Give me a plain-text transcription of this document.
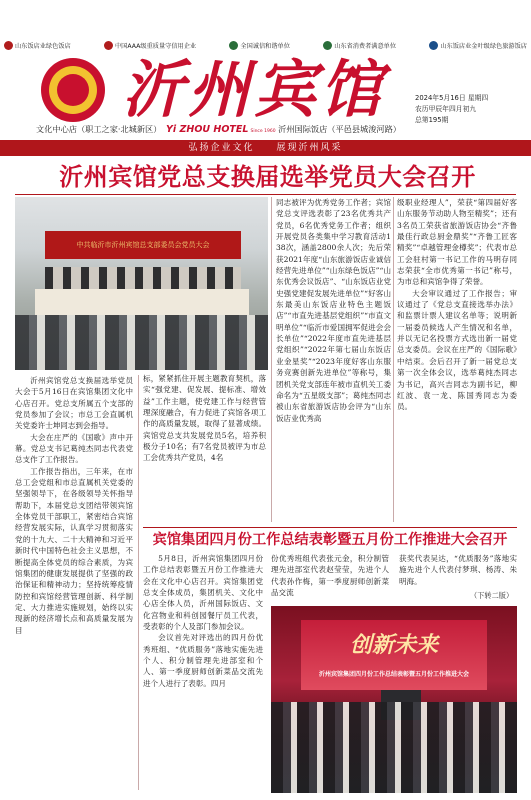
山东饭店业绿色饭店	中国AAA级重质量守信用企业	全国诚信和谐单位	山东省消费者满意单位	山东饭店业金叶级绿色旅游饭店
沂州宾馆	2024年5月16日 星期四
农历甲辰年四月初九
总第195期
文化中心店（职工之家·北城新区） Yi ZHOU HOTEL Since 1960 沂州国际饭店（平邑县城浚河路）
弘扬企业文化　　展现沂州风采
沂州宾馆党总支换届选举党员大会召开
中共临沂市沂州宾馆总支部委员会党员大会

沂州宾馆党总支换届选举党员大会于5月16日在宾馆集团文化中心店召开。党总支所属五个支部的党员参加了会议；市总工会直属机关党委许士坤同志到会指导。

大会在庄严的《国歌》声中开幕。党总支书记葛纯杰同志代表党总支作了工作报告。

工作报告指出，三年来，在市总工会党组和市总直属机关党委的坚强领导下，在各级领导关怀指导帮助下，本届党总支团结带领宾馆全体党员干部职工，紧密结合宾馆经营发展实际，认真学习贯彻落实党的十九大、二十大精神和习近平新时代中国特色社会主义思想，不断提高全体党员的综合素质，为宾馆集团的健康发展提供了坚强的政治保证和精神动力；坚持统筹疫情防控和宾馆经营管理创新、科学制定、大力推进实施规划，始终以实现新的经济增长点和高质量发展为目

标，紧紧抓住开展主题教育契机，落实“强党建、促发展、提标准、增效益”工作主题，使党建工作与经营管理深度融合，有力促进了宾馆各项工作的高质量发展，取得了显著成绩。宾馆党总支共发展党员5名，培养积极分子10名；有7名党员被评为市总工会优秀共产党员，4名
同志被评为优秀党务工作者；宾馆党总支评选表彰了23名优秀共产党员，6名优秀党务工作者；组织开展党员各类集中学习教育活动138次，涵盖2800余人次；先后荣获2021年度“山东旅游饭店业诚信经营先进单位”“山东绿色饭店”“山东优秀会议饭店”、“山东饭店业党史强党建促发展先进单位”“好客山东最美山东饭店业特色主题饭店”“市直先进基层党组织”“市直文明单位”“临沂市爱国拥军促进会会长单位”“2022年度市直先进基层党组织”“2022年第七届山东饭店业金星奖”“2023年度好客山东服务竞赛创新先进单位”等称号，集团机关党支部连年被市直机关工委命名为“五星级支部”；葛纯杰同志被山东省旅游饭店协会评为“山东饭店业优秀高
级职业经理人”，荣获“第四届好客山东服务节动助人物至精奖”；还有3名员工荣获省旅游饭店协会“齐鲁最佳行政总厨金鼎奖”“齐鲁工匠客精奖”“卓越管理金樽奖”；代表市总工会驻村第一书记工作的马明存同志荣获“全市优秀第一书记”称号，为市总和宾馆争得了荣誉。

大会审议通过了工作报告；审议通过了《党总支直接选举办法》和监票计票人建议名单等；说明新一届委员候选人产生情况和名单，并以无记名投票方式选出新一届党总支委员。会议在庄严的《国际歌》中结束。会后召开了新一届党总支第一次全体会议，选举葛纯杰同志为书记，高兴吉同志为副书记，柳红波、袁一龙、陈国秀同志为委员。

宾馆集团四月份工作总结表彰暨五月份工作推进大会召开

5月8日，沂州宾馆集团四月份工作总结表彰暨五月份工作推进大会在文化中心店召开。宾馆集团党总支全体成员，集团机关、文化中心店全体人员，沂州国际饭店、文化宫物业和科创园餐厅员工代表，受表彰的个人及部门参加会议。

会议首先对评选出的四月份优秀班组、“优质服务”落地实施先进个人、积分制管理先进部室和个人、第一季度厨师创新菜品交流先进个人进行了表彰。四月

份优秀班组代表张元金，积分制管理先进部室代表赵莹莹，先进个人代表孙作梅，第一季度厨师创新菜品交流
获奖代表吴达，“优质服务”落地实施先进个人代表付梦琪、杨涛、朱明海。
（下转二版）
创新未来
沂州宾馆集团四月份工作总结表彰暨五月份工作推进大会
